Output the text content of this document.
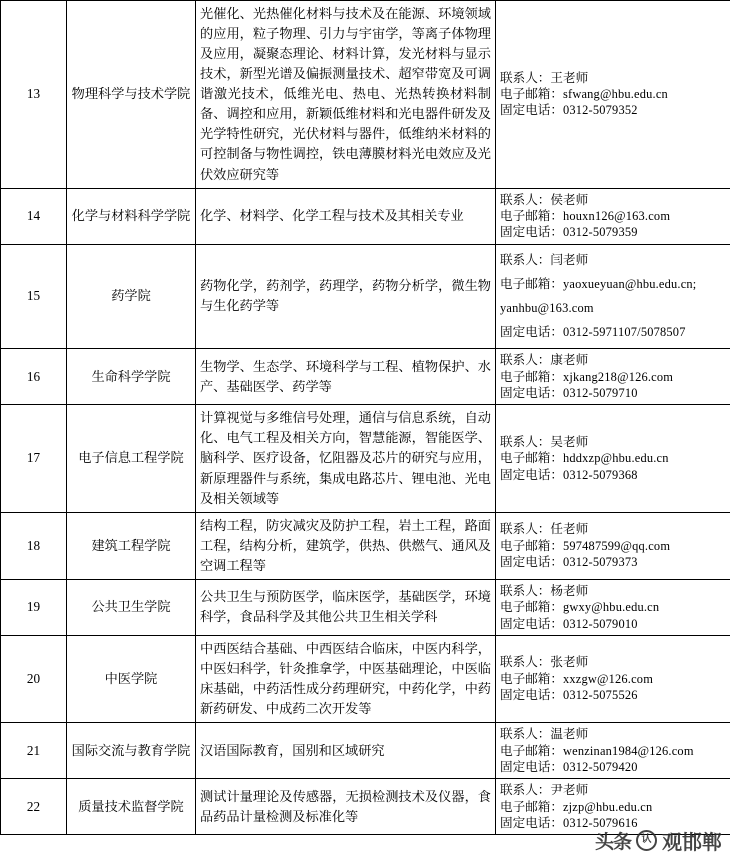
13	物理科学与技术学院	光催化、光热催化材料与技术及在能源、环境领域的应用，粒子物理、引力与宇宙学，等离子体物理及应用，凝聚态理论、材料计算，发光材料与显示技术，新型光谱及偏振测量技术、超窄带宽及可调谐激光技术，低维光电、热电、光热转换材料制备、调控和应用，新颖低维材料和光电器件研发及光学特性研究，光伏材料与器件，低维纳米材料的可控制备与物性调控，铁电薄膜材料光电效应及光伏效应研究等	联系人：王老师
电子邮箱：sfwang@hbu.edu.cn
固定电话：0312-5079352

14	化学与材料科学学院	化学、材料学、化学工程与技术及其相关专业	联系人：侯老师
电子邮箱：houxn126@163.com
固定电话：0312-5079359

15	药学院	药物化学，药剂学，药理学，药物分析学，微生物与生化药学等	联系人：闫老师
电子邮箱：yaoxueyuan@hbu.edu.cn;
yanhbu@163.com
固定电话：0312-5971107/5078507

16	生命科学学院	生物学、生态学、环境科学与工程、植物保护、水产、基础医学、药学等	联系人：康老师
电子邮箱：xjkang218@126.com
固定电话：0312-5079710

17	电子信息工程学院	计算视觉与多维信号处理，通信与信息系统，自动化、电气工程及相关方向，智慧能源，智能医学、脑科学、医疗设备，忆阻器及芯片的研究与应用，新原理器件与系统，集成电路芯片、锂电池、光电及相关领域等	联系人：吴老师
电子邮箱：hddxzp@hbu.edu.cn
固定电话：0312-5079368

18	建筑工程学院	结构工程，防灾减灾及防护工程，岩土工程，路面工程，结构分析，建筑学，供热、供燃气、通风及空调工程等	联系人：任老师
电子邮箱：597487599@qq.com
固定电话：0312-5079373

19	公共卫生学院	公共卫生与预防医学，临床医学，基础医学，环境科学，食品科学及其他公共卫生相关学科	联系人：杨老师
电子邮箱：gwxy@hbu.edu.cn
固定电话：0312-5079010

20	中医学院	中西医结合基础、中西医结合临床，中医内科学，中医妇科学，针灸推拿学，中医基础理论，中医临床基础，中药活性成分药理研究，中药化学，中药新药研发、中成药二次开发等	联系人：张老师
电子邮箱：xxzgw@126.com
固定电话：0312-5075526

21	国际交流与教育学院	汉语国际教育，国别和区域研究	联系人：温老师
电子邮箱：wenzinan1984@126.com
固定电话：0312-5079420

22	质量技术监督学院	测试计量理论及传感器，无损检测技术及仪器，食品药品计量检测及标准化等	联系人：尹老师
电子邮箱：zjzp@hbu.edu.cn
固定电话：0312-5079616
头条	认 观邯郸
